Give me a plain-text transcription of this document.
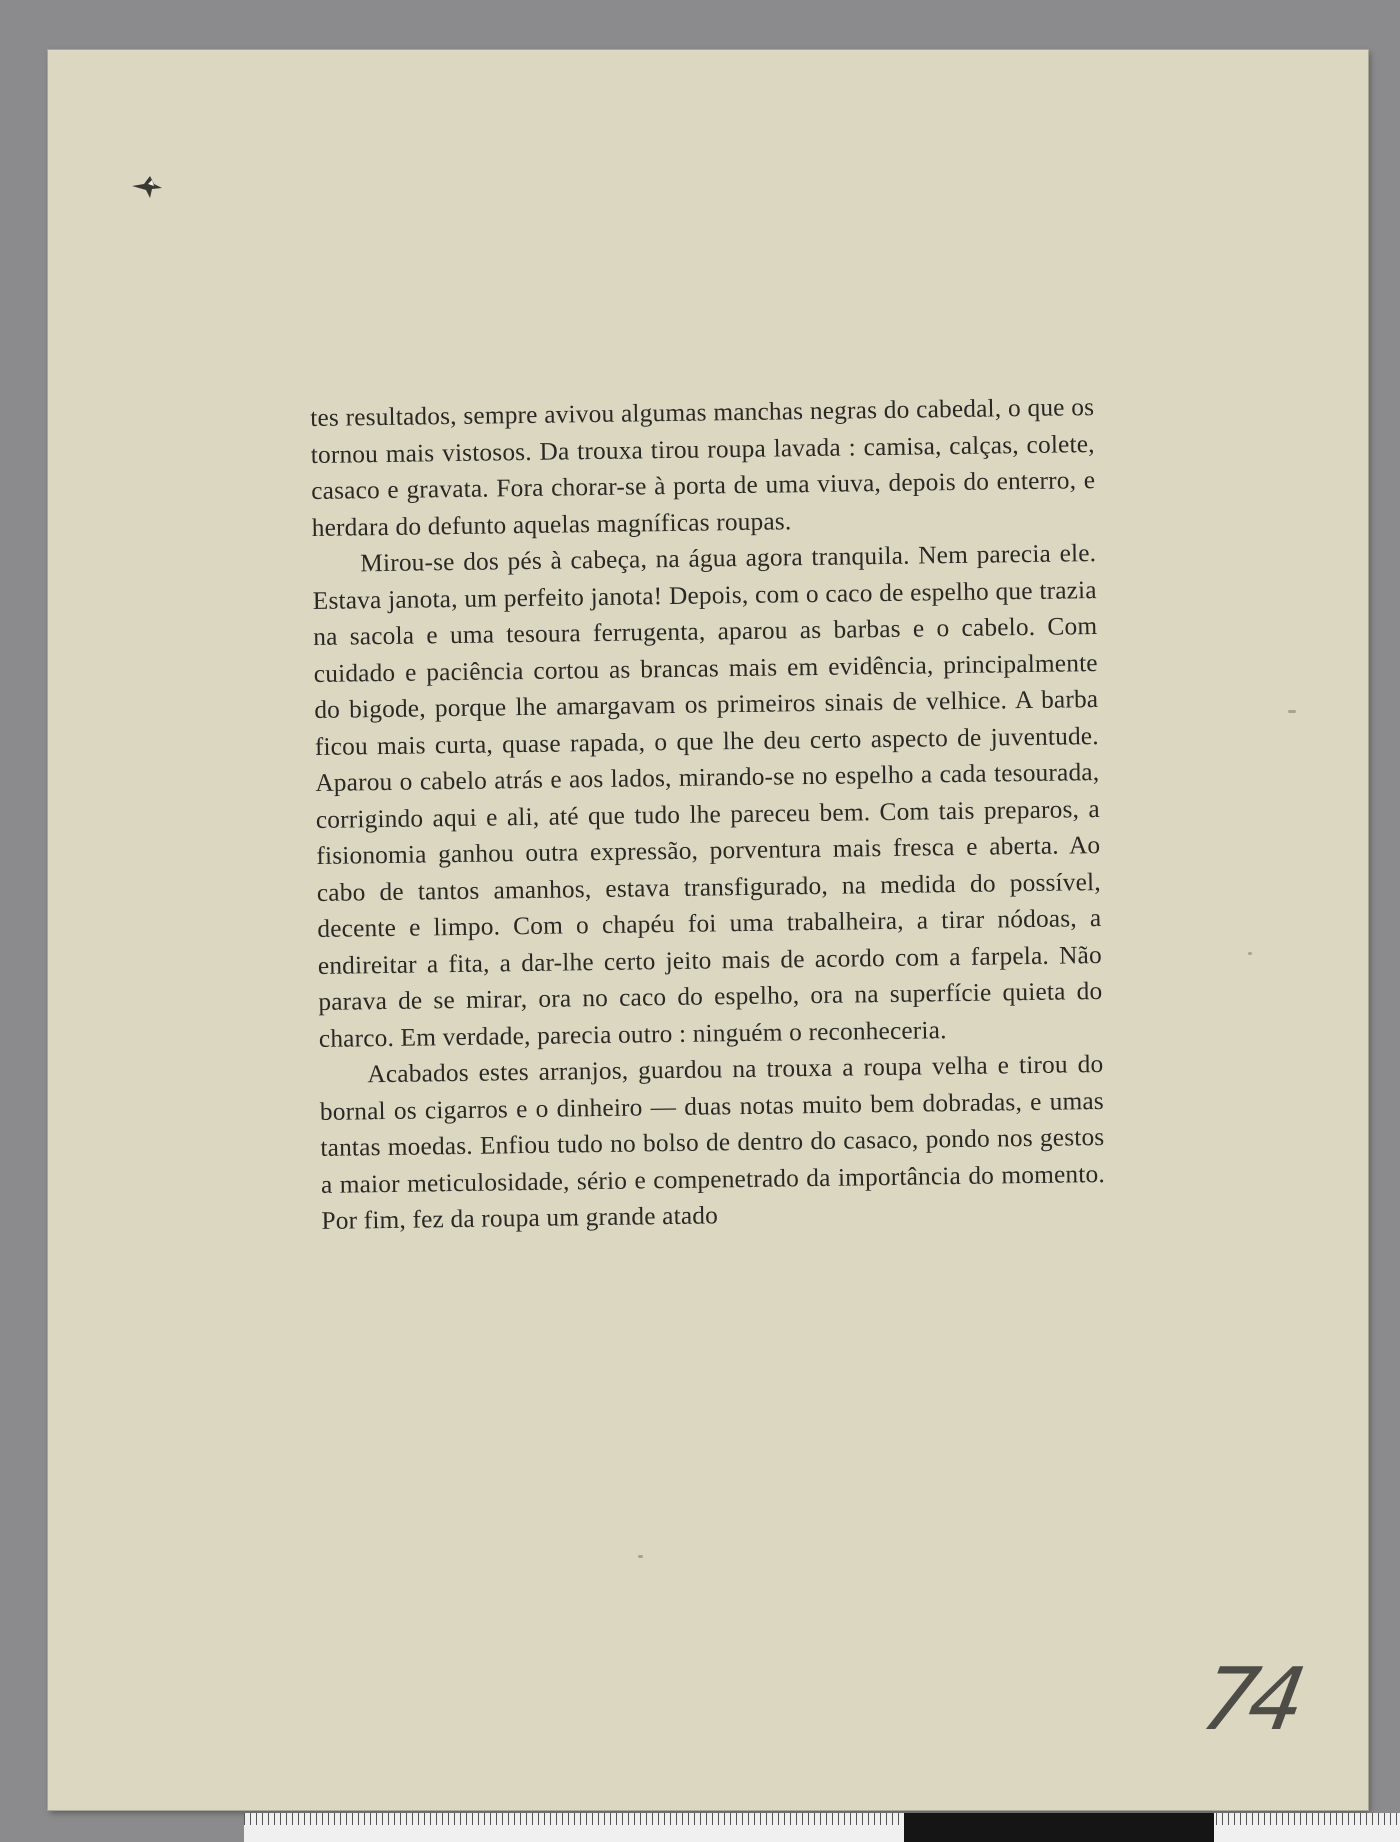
tes resultados, sempre avivou algumas manchas negras do cabedal, o que os tornou mais vistosos. Da trouxa tirou roupa lavada : camisa, calças, colete, casaco e gravata. Fora chorar-se à porta de uma viuva, depois do enterro, e herdara do defunto aquelas magníficas roupas.

Mirou-se dos pés à cabeça, na água agora tranquila. Nem parecia ele. Estava janota, um perfeito janota! Depois, com o caco de espelho que trazia na sacola e uma tesoura ferrugenta, aparou as barbas e o cabelo. Com cuidado e paciência cortou as brancas mais em evidência, principalmente do bigode, porque lhe amargavam os primeiros sinais de velhice. A barba ficou mais curta, quase rapada, o que lhe deu certo aspecto de juventude. Aparou o cabelo atrás e aos lados, mirando-se no espelho a cada tesourada, corrigindo aqui e ali, até que tudo lhe pareceu bem. Com tais preparos, a fisionomia ganhou outra expressão, porventura mais fresca e aberta. Ao cabo de tantos amanhos, estava transfigurado, na medida do possível, decente e limpo. Com o chapéu foi uma trabalheira, a tirar nódoas, a endireitar a fita, a dar-lhe certo jeito mais de acordo com a farpela. Não parava de se mirar, ora no caco do espelho, ora na superfície quieta do charco. Em verdade, parecia outro : ninguém o reconheceria.

Acabados estes arranjos, guardou na trouxa a roupa velha e tirou do bornal os cigarros e o dinheiro — duas notas muito bem dobradas, e umas tantas moedas. Enfiou tudo no bolso de dentro do casaco, pondo nos gestos a maior meticulosidade, sério e compenetrado da importância do momento. Por fim, fez da roupa um grande atado

74
